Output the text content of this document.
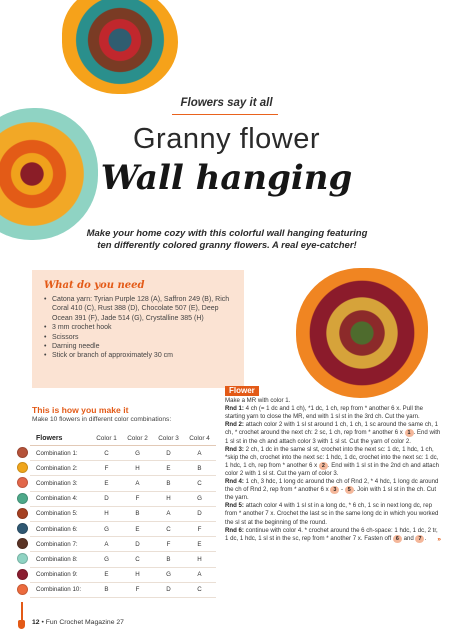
Flowers say it all
Granny flower
Wall hanging
Make your home cozy with this colorful wall hanging featuring ten differently colored granny flowers. A real eye-catcher!
What do you need
• Catona yarn: Tyrian Purple 128 (A), Saffron 249 (B), Rich Coral 410 (C), Rust 388 (D), Chocolate 507 (E), Deep Ocean 391 (F), Jade 514 (G), Crystalline 385 (H)
• 3 mm crochet hook
• Scissors
• Darning needle
• Stick or branch of approximately 30 cm
This is how you make it
Make 10 flowers in different color combinations:
Flowers	Color 1	Color 2	Color 3	Color 4
Combination 1:	C	G	D	A
Combination 2:	F	H	E	B
Combination 3:	E	A	B	C
Combination 4:	D	F	H	G
Combination 5:	H	B	A	D
Combination 6:	G	E	C	F
Combination 7:	A	D	F	E
Combination 8:	G	C	B	H
Combination 9:	E	H	G	A
Combination 10:	B	F	D	C
Flower

Make a MR with color 1.

Rnd 1: 4 ch (= 1 dc and 1 ch), *1 dc, 1 ch, rep from * another 6 x. Pull the starting yarn to close the MR, end with 1 sl st in the 3rd ch. Cut the yarn.

Rnd 2: attach color 2 with 1 sl st around 1 ch, 1 ch, 1 sc around the same ch, 1 ch, * crochet around the next ch: 2 sc, 1 ch, rep from * another 6 x 1 . End with 1 sl st in the ch and attach color 3 with 1 sl st. Cut the yarn of color 2.

Rnd 3: 2 ch, 1 dc in the same sl st, crochet into the next sc: 1 dc, 1 hdc, 1 ch, *skip the ch, crochet into the next sc: 1 hdc, 1 dc, crochet into the next sc: 1 dc, 1 hdc, 1 ch, rep from * another 6 x 2 . End with 1 sl st in the 2nd ch and attach color 2 with 1 sl st. Cut the yarn of color 3.

Rnd 4: 1 ch, 3 hdc, 1 long dc around the ch of Rnd 2, * 4 hdc, 1 long dc around the ch of Rnd 2, rep from * another 6 x 3 - 5 . Join with 1 sl st in the ch. Cut the yarn.

Rnd 5: attach color 4 with 1 sl st in a long dc, * 6 ch, 1 sc in next long dc, rep from * another 7 x. Crochet the last sc in the same long dc in which you worked the sl st at the beginning of the round.

Rnd 6: continue with color 4. * crochet around the 6 ch-space: 1 hdc, 1 dc, 2 tr, 1 dc, 1 hdc, 1 sl st in the sc, rep from * another 7 x. Fasten off 6 and 7 .	»
12 • Fun Crochet Magazine 27
